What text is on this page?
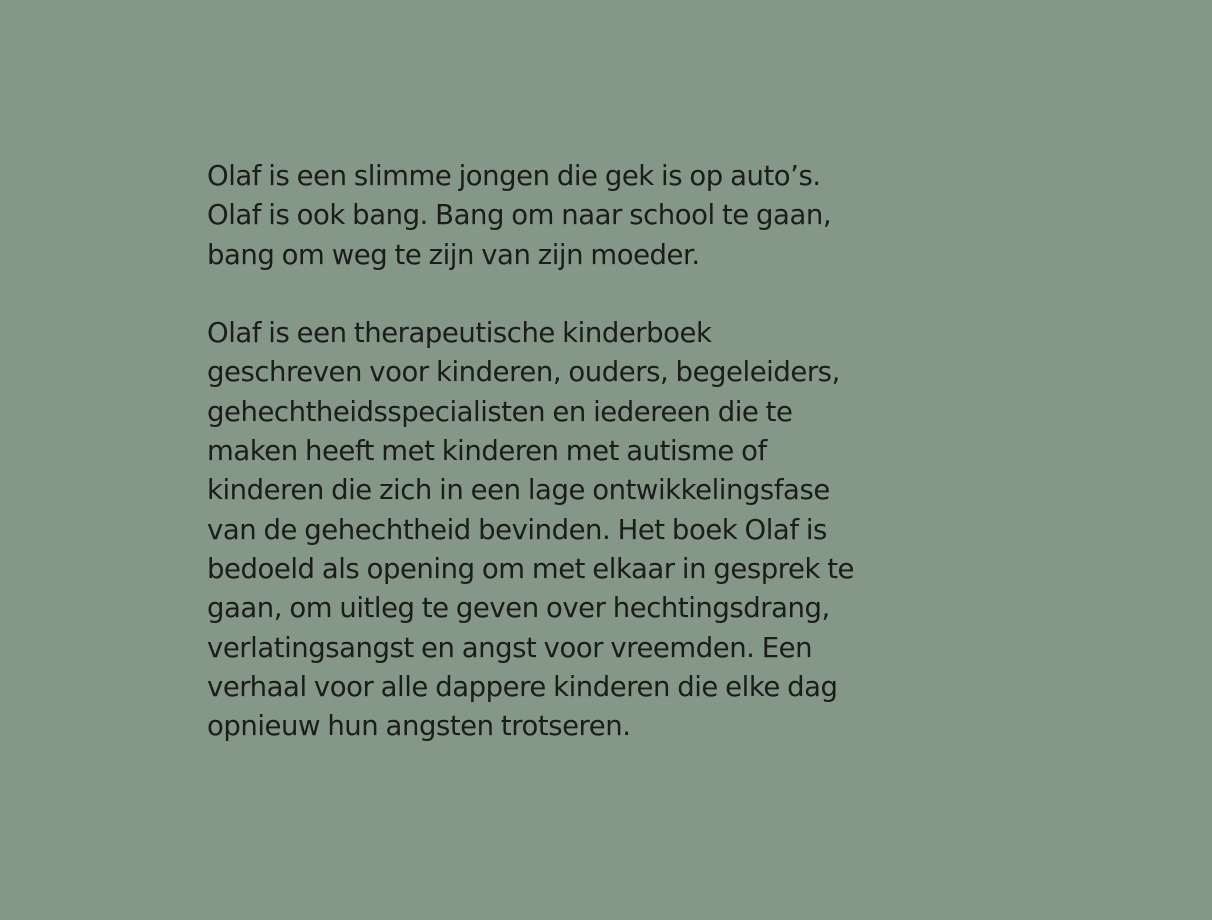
Olaf is een slimme jongen die gek is op auto’s.
Olaf is ook bang. Bang om naar school te gaan,
bang om weg te zijn van zijn moeder.

Olaf is een therapeutische kinderboek
geschreven voor kinderen, ouders, begeleiders,
gehechtheidsspecialisten en iedereen die te
maken heeft met kinderen met autisme of
kinderen die zich in een lage ontwikkelingsfase
van de gehechtheid bevinden. Het boek Olaf is
bedoeld als opening om met elkaar in gesprek te
gaan, om uitleg te geven over hechtingsdrang,
verlatingsangst en angst voor vreemden. Een
verhaal voor alle dappere kinderen die elke dag
opnieuw hun angsten trotseren.
